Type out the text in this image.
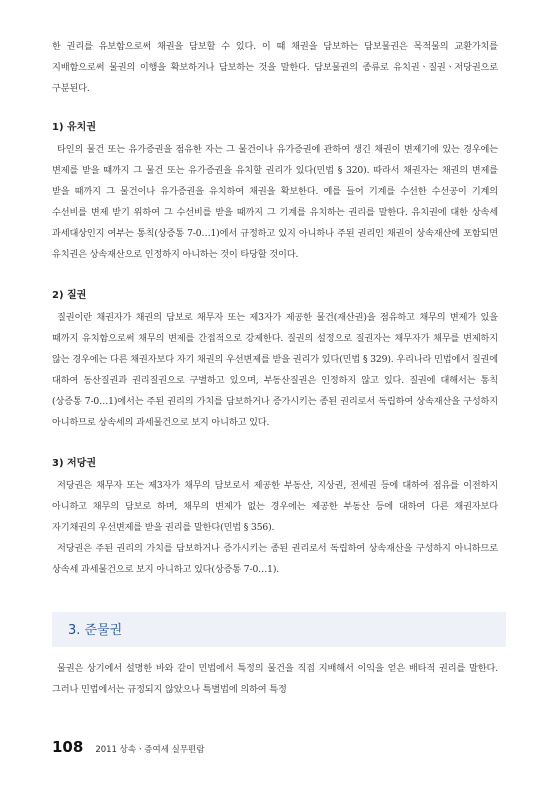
한 권리를 유보함으로써 채권을 담보할 수 있다. 이 때 채권을 담보하는 담보물권은 목적물의 교환가치를 지배함으로써 물권의 이행을 확보하거나 담보하는 것을 말한다. 담보물권의 종류로 유치권ㆍ질권ㆍ저당권으로 구분된다.

1) 유치권

타인의 물건 또는 유가증권을 점유한 자는 그 물건이나 유가증권에 관하여 생긴 채권이 변제기에 있는 경우에는 변제를 받을 때까지 그 물건 또는 유가증권을 유치할 권리가 있다(민법 § 320). 따라서 채권자는 채권의 변제를 받을 때까지 그 물건이나 유가증권을 유치하여 채권을 확보한다. 예를 들어 기계를 수선한 수선공이 기계의 수선비를 변제 받기 위하여 그 수선비를 받을 때까지 그 기계를 유치하는 권리를 말한다. 유치권에 대한 상속세 과세대상인지 여부는 통칙(상증통 7-0…1)에서 규정하고 있지 아니하나 주된 권리인 채권이 상속재산에 포함되면 유치권은 상속재산으로 인정하지 아니하는 것이 타당할 것이다.

2) 질권

질권이란 채권자가 채권의 담보로 채무자 또는 제3자가 제공한 물건(재산권)을 점유하고 채무의 변제가 있을 때까지 유치함으로써 채무의 변제를 간접적으로 강제한다. 질권의 설정으로 질권자는 채무자가 채무를 변제하지 않는 경우에는 다른 채권자보다 자기 채권의 우선변제를 받을 권리가 있다(민법 § 329). 우리나라 민법에서 질권에 대하여 동산질권과 권리질권으로 구별하고 있으며, 부동산질권은 인정하지 않고 있다. 질권에 대해서는 통칙(상증통 7-0…1)에서는 주된 권리의 가치를 담보하거나 증가시키는 종된 권리로서 독립하여 상속재산을 구성하지 아니하므로 상속세의 과세물건으로 보지 아니하고 있다.

3) 저당권

저당권은 채무자 또는 제3자가 채무의 담보로서 제공한 부동산, 지상권, 전세권 등에 대하여 점유를 이전하지 아니하고 채무의 담보로 하며, 채무의 변제가 없는 경우에는 제공한 부동산 등에 대하여 다른 채권자보다 자기채권의 우선변제를 받을 권리를 말한다(민법 § 356).

저당권은 주된 권리의 가치를 담보하거나 증가시키는 종된 권리로서 독립하여 상속재산을 구성하지 아니하므로 상속세 과세물건으로 보지 아니하고 있다(상증통 7-0…1).

3. 준물권

물권은 상기에서 설명한 바와 같이 민법에서 특정의 물건을 직접 지배해서 이익을 얻은 배타적 권리를 말한다. 그러나 민법에서는 규정되지 않았으나 특별법에 의하여 특정

108 2011 상속ㆍ증여세 실무편람
